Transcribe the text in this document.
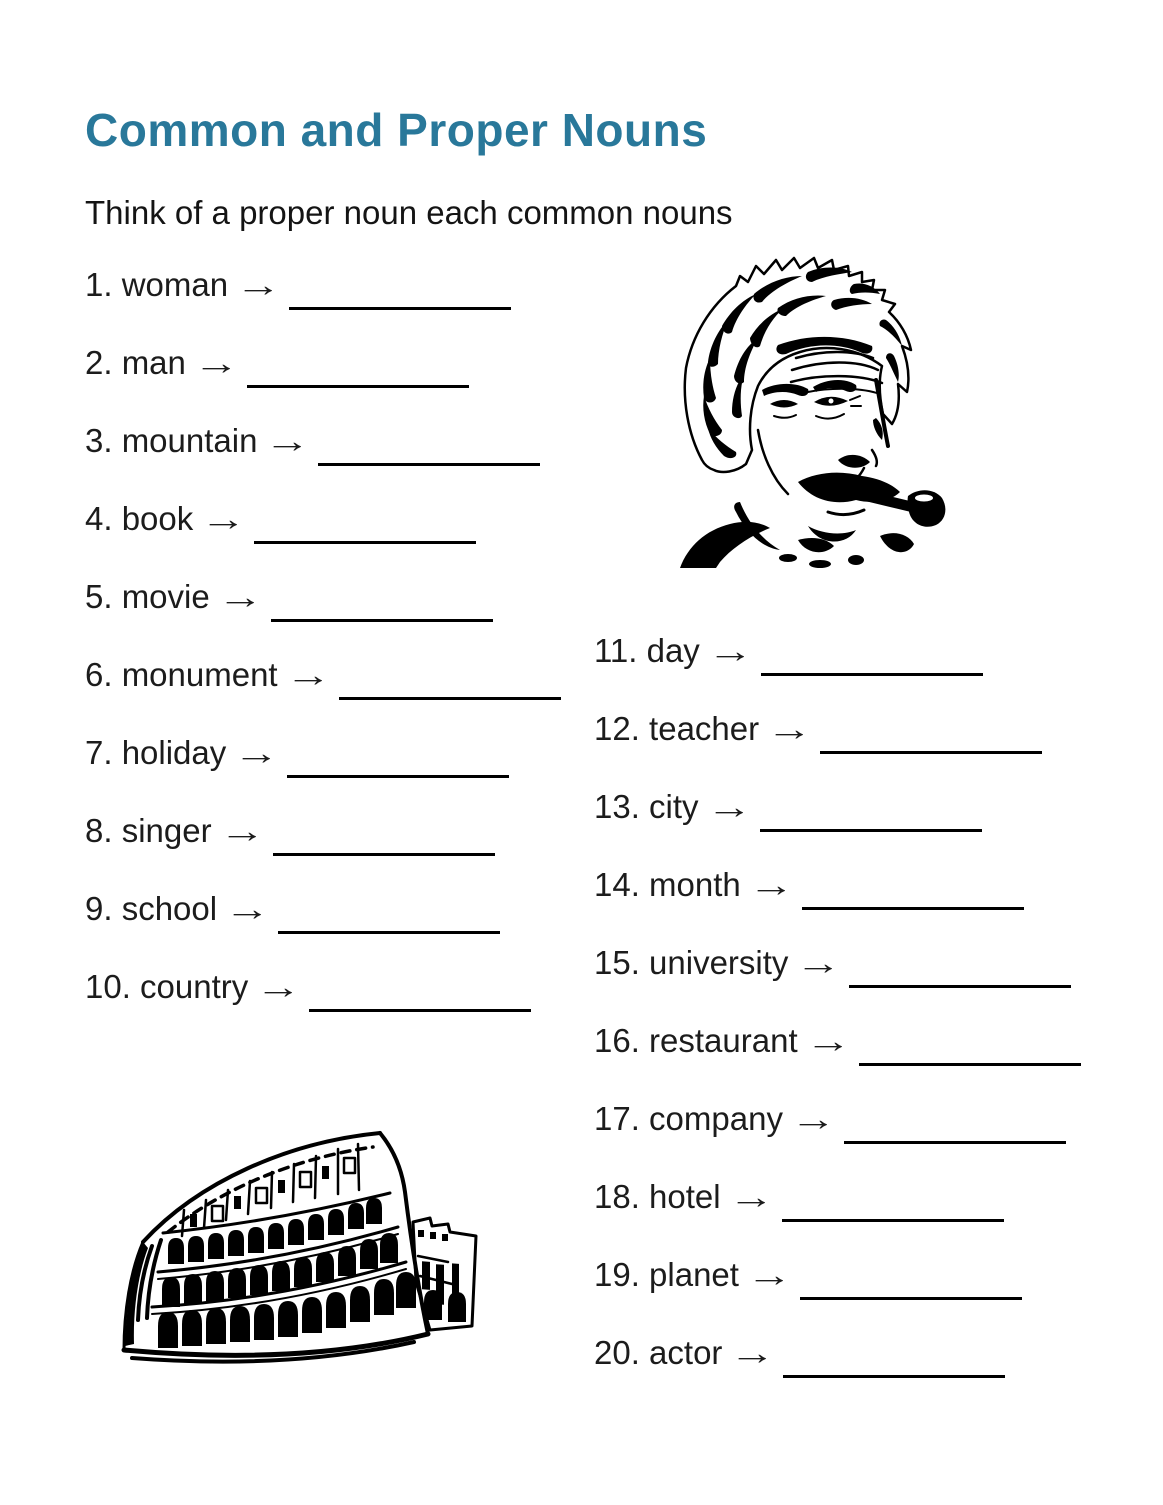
Common and Proper Nouns

Think of a proper noun each common nouns

1. woman →
2. man →
3. mountain →
4. book →
5. movie →
6. monument →
7. holiday →
8. singer →
9. school →
10. country →
11. day →
12. teacher →
13. city →
14. month →
15. university →
16. restaurant →
17. company →
18. hotel →
19. planet →
20. actor →
